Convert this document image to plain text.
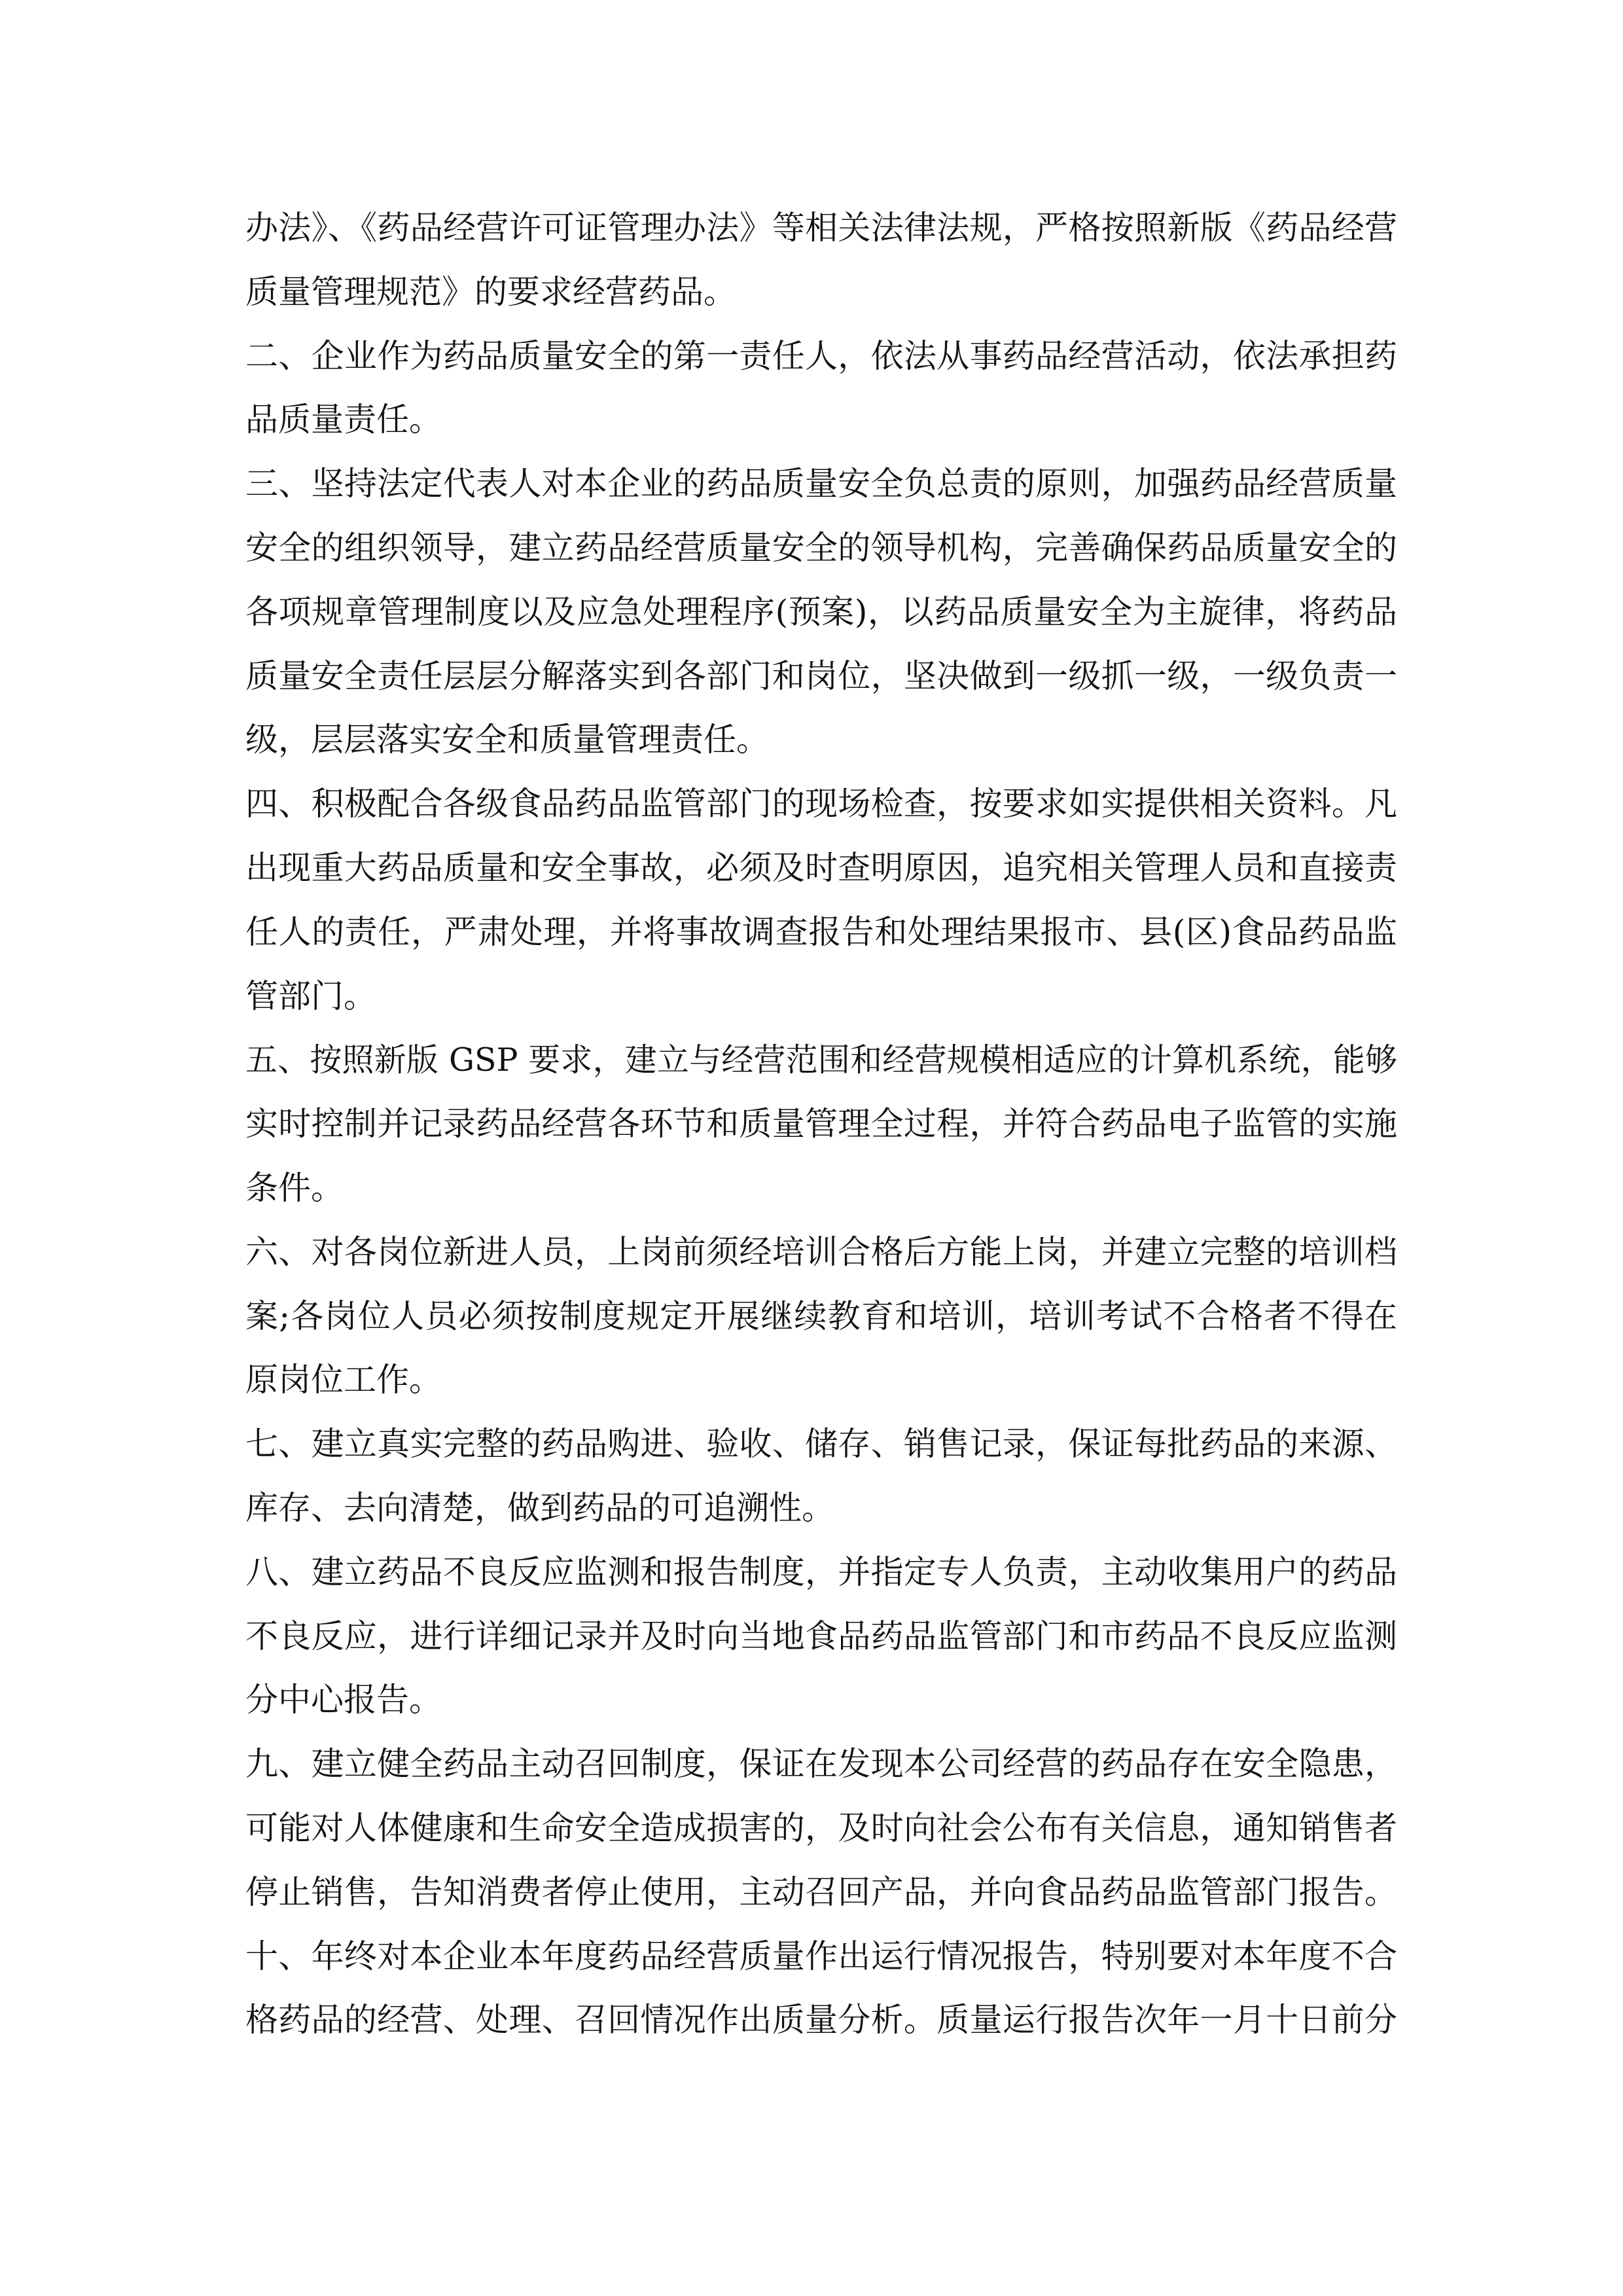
办法》、《药品经营许可证管理办法》等相关法律法规，严格按照新版《药品经营
质量管理规范》的要求经营药品。
二、企业作为药品质量安全的第一责任人，依法从事药品经营活动，依法承担药
品质量责任。
三、坚持法定代表人对本企业的药品质量安全负总责的原则，加强药品经营质量
安全的组织领导，建立药品经营质量安全的领导机构，完善确保药品质量安全的
各项规章管理制度以及应急处理程序(预案)，以药品质量安全为主旋律，将药品
质量安全责任层层分解落实到各部门和岗位，坚决做到一级抓一级，一级负责一
级，层层落实安全和质量管理责任。
四、积极配合各级食品药品监管部门的现场检查，按要求如实提供相关资料。凡
出现重大药品质量和安全事故，必须及时查明原因，追究相关管理人员和直接责
任人的责任，严肃处理，并将事故调查报告和处理结果报市、县(区)食品药品监
管部门。
五、按照新版 GSP 要求，建立与经营范围和经营规模相适应的计算机系统，能够
实时控制并记录药品经营各环节和质量管理全过程，并符合药品电子监管的实施
条件。
六、对各岗位新进人员，上岗前须经培训合格后方能上岗，并建立完整的培训档
案;各岗位人员必须按制度规定开展继续教育和培训，培训考试不合格者不得在
原岗位工作。
七、建立真实完整的药品购进、验收、储存、销售记录，保证每批药品的来源、
库存、去向清楚，做到药品的可追溯性。
八、建立药品不良反应监测和报告制度，并指定专人负责，主动收集用户的药品
不良反应，进行详细记录并及时向当地食品药品监管部门和市药品不良反应监测
分中心报告。
九、建立健全药品主动召回制度，保证在发现本公司经营的药品存在安全隐患，
可能对人体健康和生命安全造成损害的，及时向社会公布有关信息，通知销售者
停止销售，告知消费者停止使用，主动召回产品，并向食品药品监管部门报告。
十、年终对本企业本年度药品经营质量作出运行情况报告，特别要对本年度不合
格药品的经营、处理、召回情况作出质量分析。质量运行报告次年一月十日前分
